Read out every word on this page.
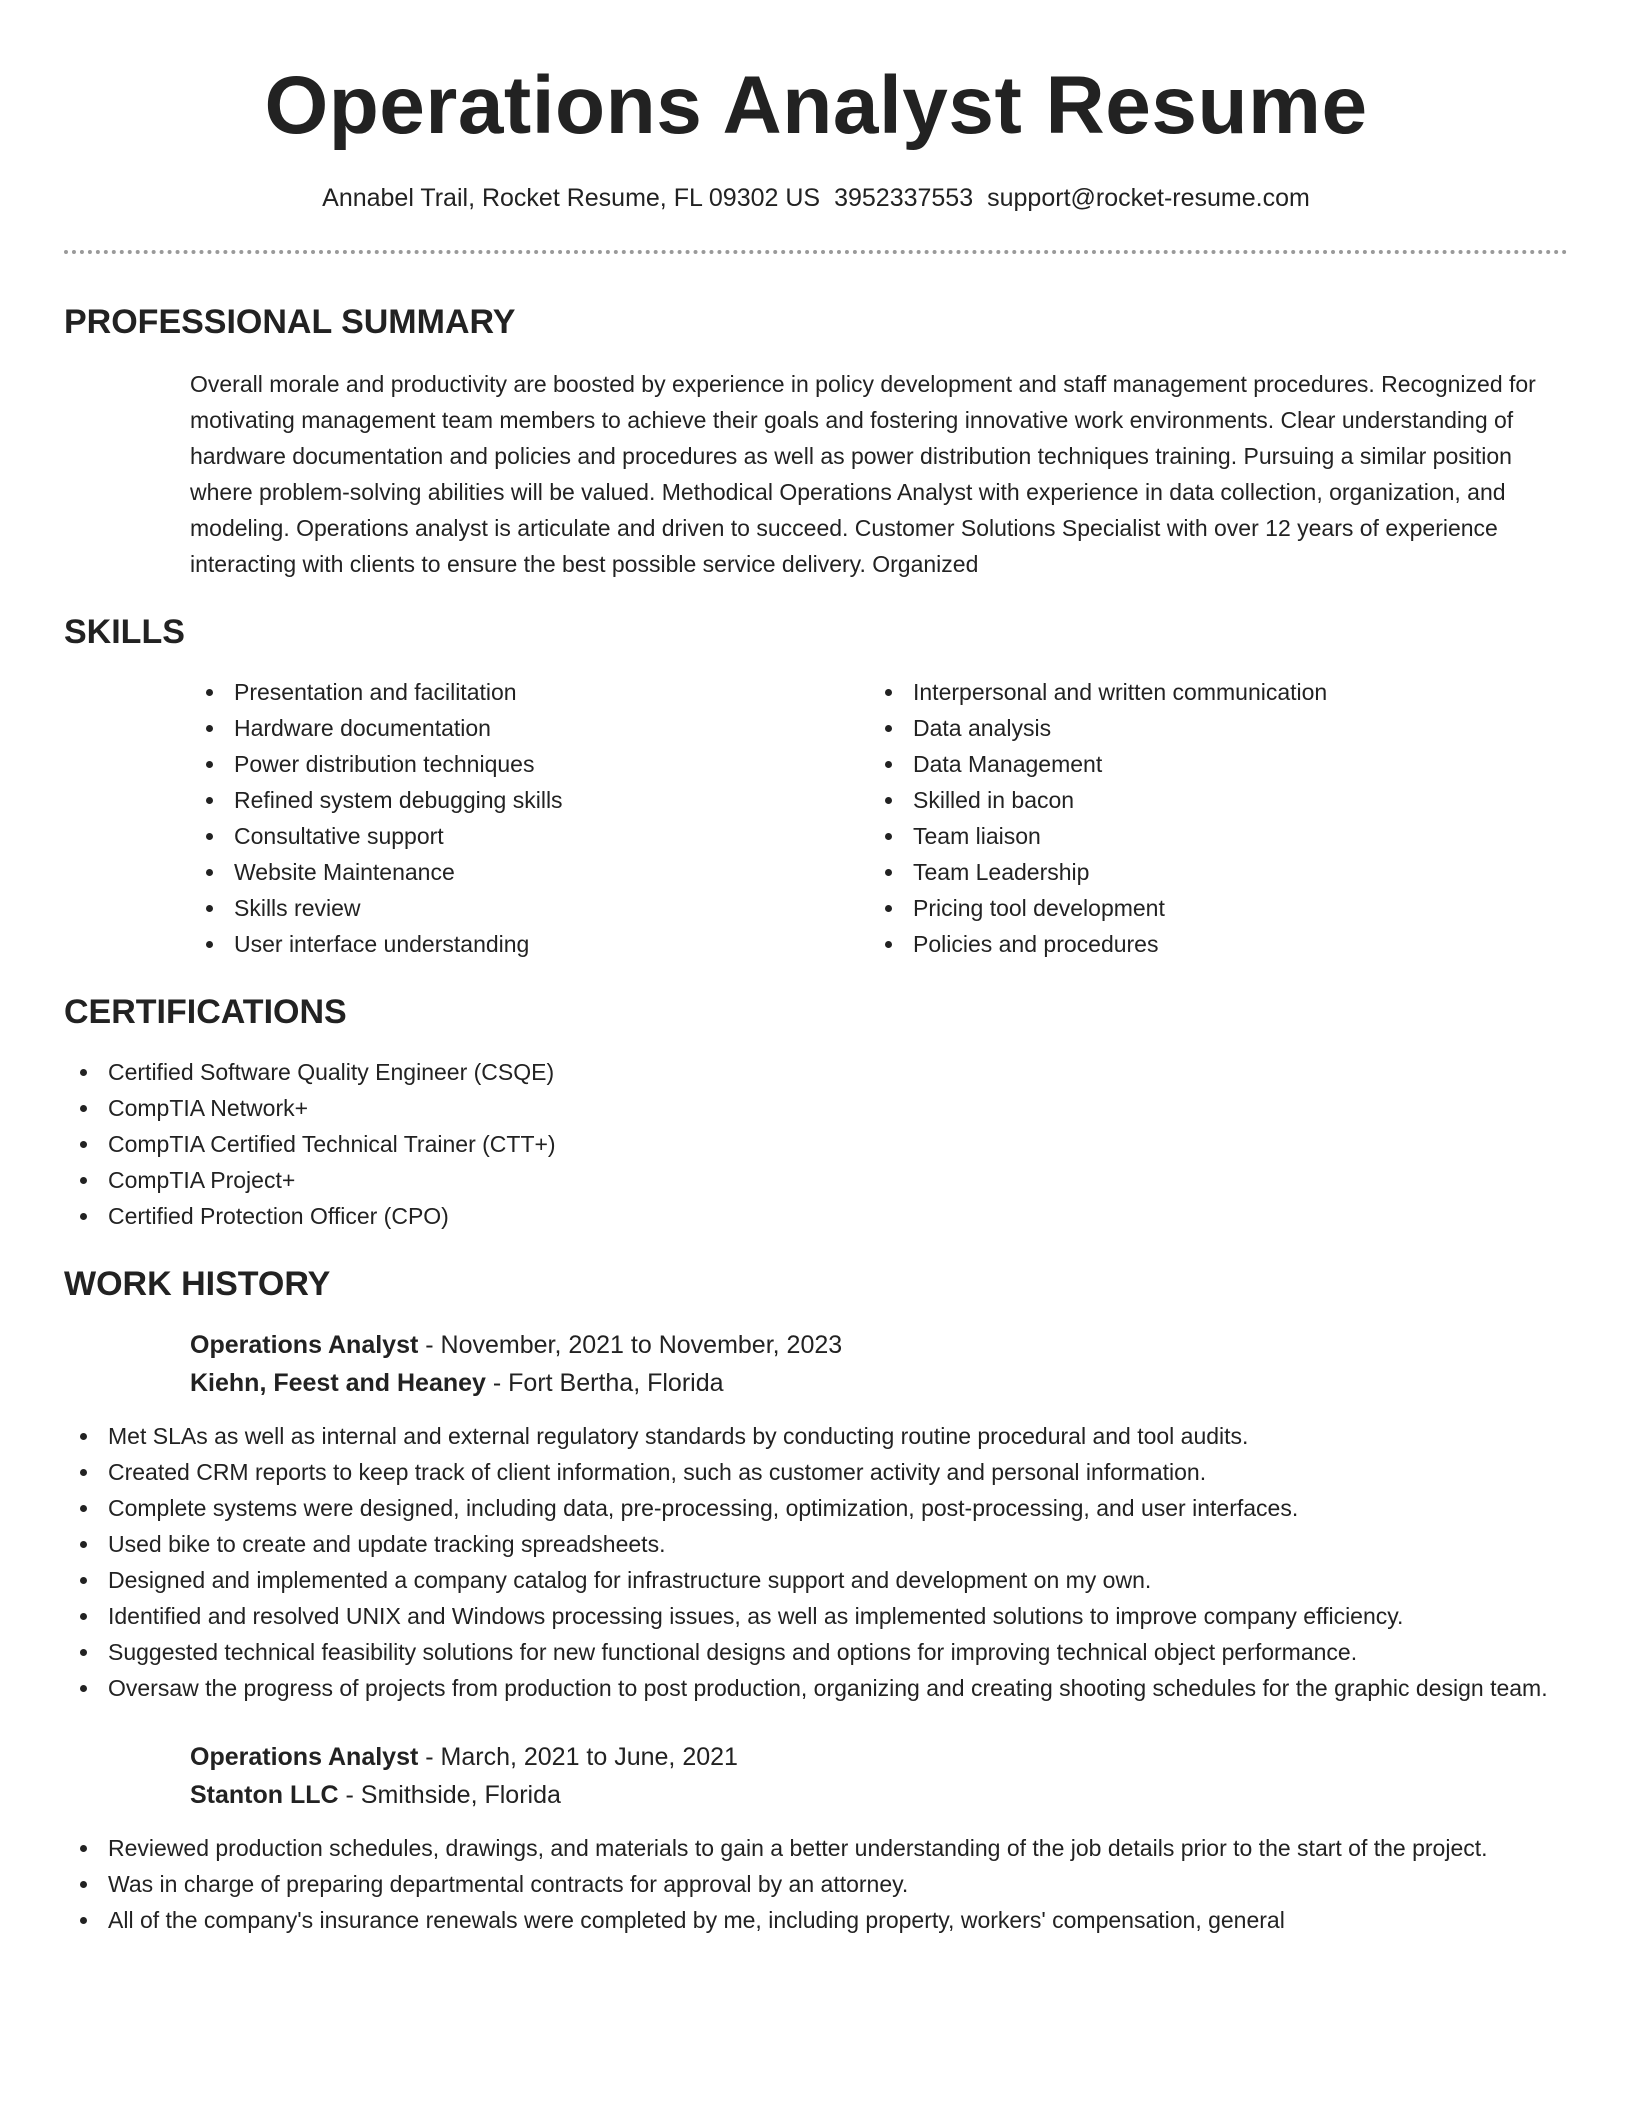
Operations Analyst Resume
Annabel Trail, Rocket Resume, FL 09302 US 3952337553 support@rocket-resume.com
PROFESSIONAL SUMMARY

Overall morale and productivity are boosted by experience in policy development and staff management procedures. Recognized for motivating management team members to achieve their goals and fostering innovative work environments. Clear understanding of hardware documentation and policies and procedures as well as power distribution techniques training. Pursuing a similar position where problem-solving abilities will be valued. Methodical Operations Analyst with experience in data collection, organization, and modeling. Operations analyst is articulate and driven to succeed. Customer Solutions Specialist with over 12 years of experience interacting with clients to ensure the best possible service delivery. Organized

SKILLS
Presentation and facilitation
Hardware documentation
Power distribution techniques
Refined system debugging skills
Consultative support
Website Maintenance
Skills review
User interface understanding
Interpersonal and written communication
Data analysis
Data Management
Skilled in bacon
Team liaison
Team Leadership
Pricing tool development
Policies and procedures
CERTIFICATIONS
Certified Software Quality Engineer (CSQE)
CompTIA Network+
CompTIA Certified Technical Trainer (CTT+)
CompTIA Project+
Certified Protection Officer (CPO)
WORK HISTORY
Operations Analyst - November, 2021 to November, 2023
Kiehn, Feest and Heaney - Fort Bertha, Florida
Met SLAs as well as internal and external regulatory standards by conducting routine procedural and tool audits.
Created CRM reports to keep track of client information, such as customer activity and personal information.
Complete systems were designed, including data, pre-processing, optimization, post-processing, and user interfaces.
Used bike to create and update tracking spreadsheets.
Designed and implemented a company catalog for infrastructure support and development on my own.
Identified and resolved UNIX and Windows processing issues, as well as implemented solutions to improve company efficiency.
Suggested technical feasibility solutions for new functional designs and options for improving technical object performance.
Oversaw the progress of projects from production to post production, organizing and creating shooting schedules for the graphic design team.
Operations Analyst - March, 2021 to June, 2021
Stanton LLC - Smithside, Florida
Reviewed production schedules, drawings, and materials to gain a better understanding of the job details prior to the start of the project.
Was in charge of preparing departmental contracts for approval by an attorney.
All of the company's insurance renewals were completed by me, including property, workers' compensation, general
